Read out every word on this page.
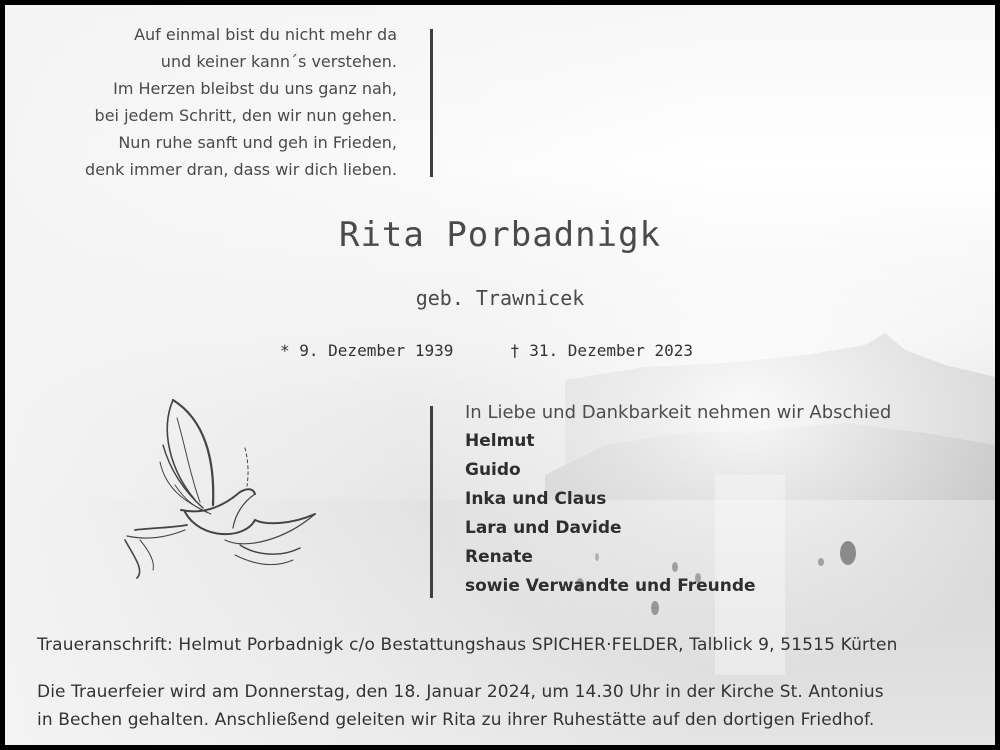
Auf einmal bist du nicht mehr da
und keiner kann´s verstehen.
Im Herzen bleibst du uns ganz nah,
bei jedem Schritt, den wir nun gehen.
Nun ruhe sanft und geh in Frieden,
denk immer dran, dass wir dich lieben.
Rita Porbadnigk
geb. Trawnicek
* 9. Dezember 1939	† 31. Dezember 2023
In Liebe und Dankbarkeit nehmen wir Abschied
Helmut
Guido
Inka und Claus
Lara und Davide
Renate
sowie Verwandte und Freunde
Traueranschrift: Helmut Porbadnigk c/o Bestattungshaus SPICHER·FELDER, Talblick 9, 51515 Kürten
Die Trauerfeier wird am Donnerstag, den 18. Januar 2024, um 14.30 Uhr in der Kirche St. Antonius
in Bechen gehalten. Anschließend geleiten wir Rita zu ihrer Ruhestätte auf den dortigen Friedhof.
